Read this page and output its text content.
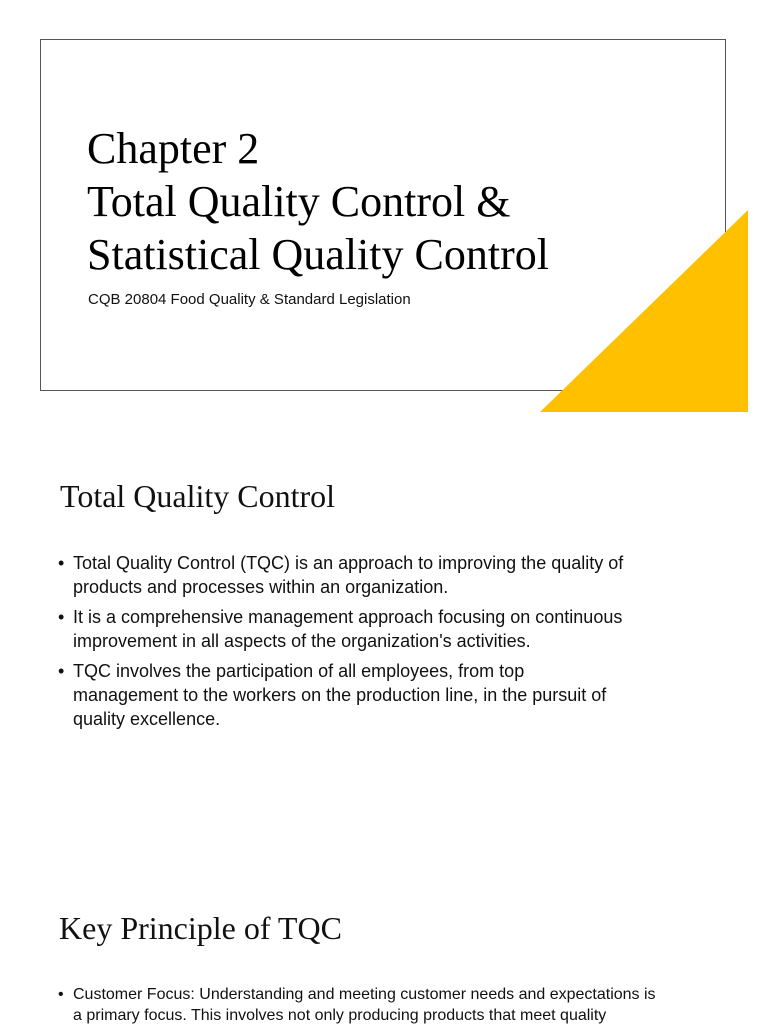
Chapter 2
Total Quality Control &
Statistical Quality Control
CQB 20804 Food Quality & Standard Legislation
Total Quality Control
• Total Quality Control (TQC) is an approach to improving the quality of
products and processes within an organization.
• It is a comprehensive management approach focusing on continuous
improvement in all aspects of the organization's activities.
• TQC involves the participation of all employees, from top
management to the workers on the production line, in the pursuit of
quality excellence.
Key Principle of TQC
• Customer Focus: Understanding and meeting customer needs and expectations is
a primary focus. This involves not only producing products that meet quality
